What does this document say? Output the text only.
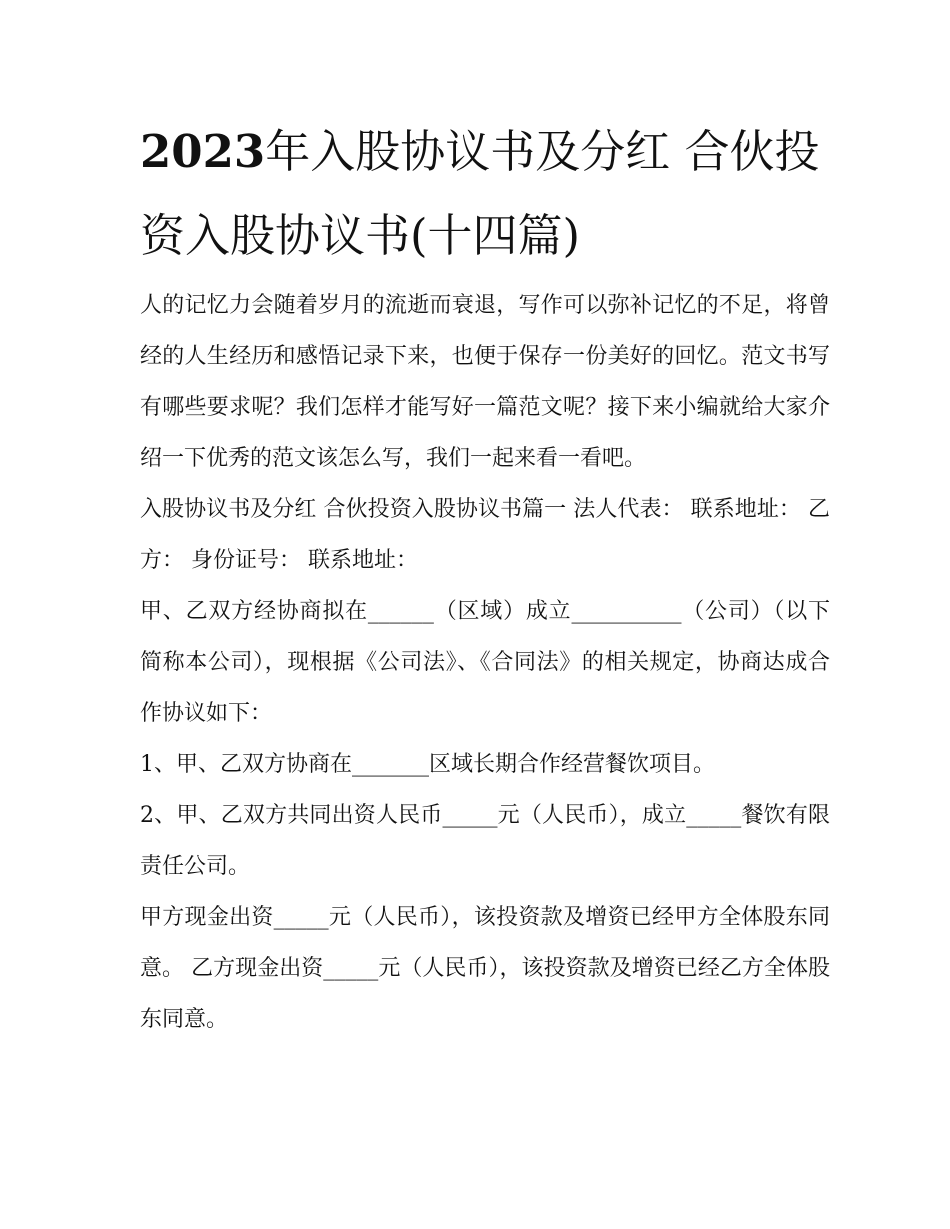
2023年入股协议书及分红 合伙投资入股协议书(十四篇)

人的记忆力会随着岁月的流逝而衰退，写作可以弥补记忆的不足，将曾经的人生经历和感悟记录下来，也便于保存一份美好的回忆。范文书写有哪些要求呢？我们怎样才能写好一篇范文呢？接下来小编就给大家介绍一下优秀的范文该怎么写，我们一起来看一看吧。

入股协议书及分红 合伙投资入股协议书篇一 法人代表： 联系地址： 乙方： 身份证号： 联系地址：

甲、乙双方经协商拟在______（区域）成立__________（公司）（以下简称本公司），现根据《公司法》、《合同法》的相关规定，协商达成合作协议如下：

1、甲、乙双方协商在_______区域长期合作经营餐饮项目。

2、甲、乙双方共同出资人民币_____元（人民币），成立_____餐饮有限责任公司。

甲方现金出资_____元（人民币），该投资款及增资已经甲方全体股东同意。 乙方现金出资_____元（人民币），该投资款及增资已经乙方全体股东同意。
